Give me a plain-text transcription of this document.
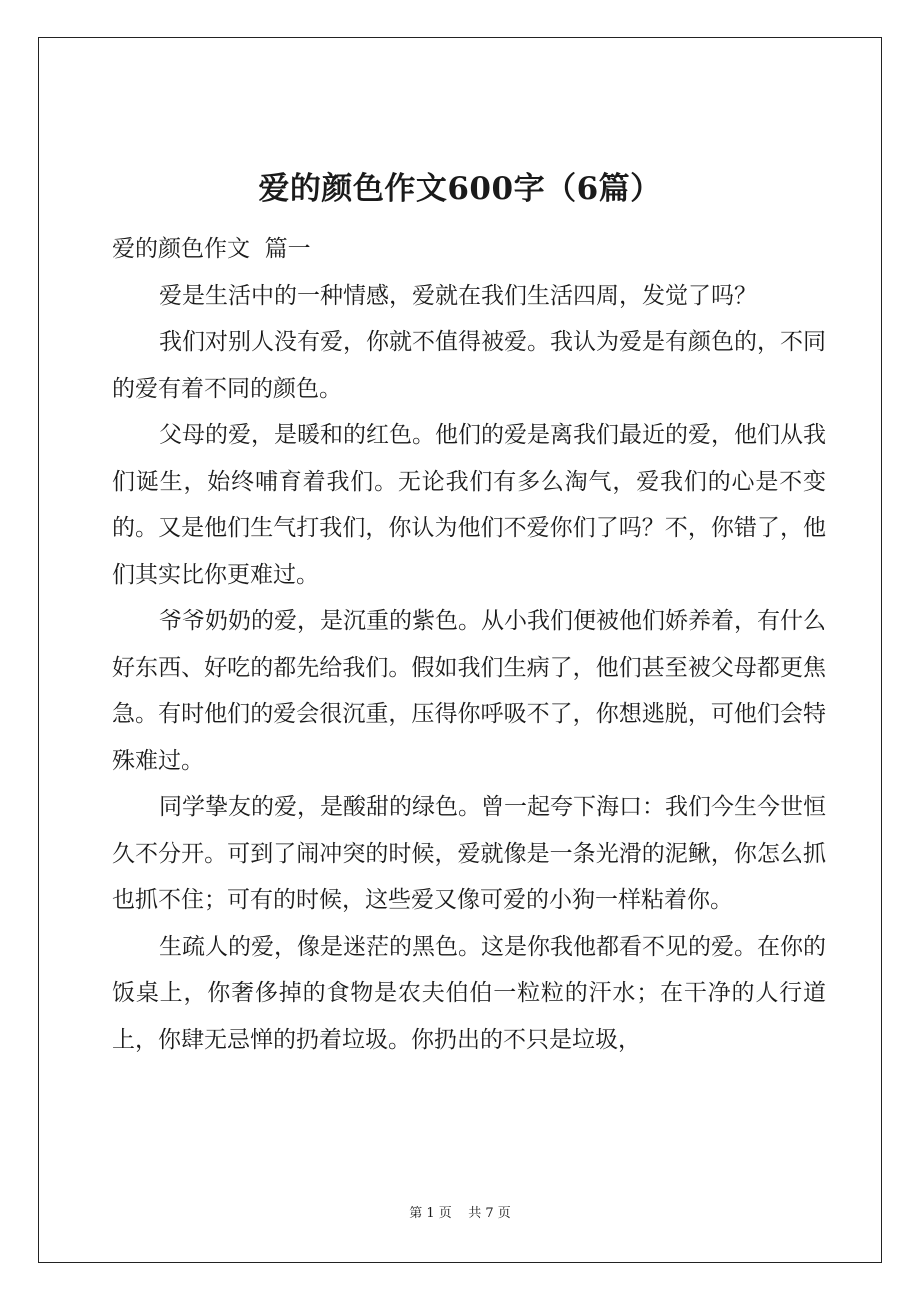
爱的颜色作文600字（6篇）

爱的颜色作文  篇一

爱是生活中的一种情感，爱就在我们生活四周，发觉了吗？

我们对别人没有爱，你就不值得被爱。我认为爱是有颜色的，不同的爱有着不同的颜色。

父母的爱，是暖和的红色。他们的爱是离我们最近的爱，他们从我们诞生，始终哺育着我们。无论我们有多么淘气，爱我们的心是不变的。又是他们生气打我们，你认为他们不爱你们了吗？不，你错了，他们其实比你更难过。

爷爷奶奶的爱，是沉重的紫色。从小我们便被他们娇养着，有什么好东西、好吃的都先给我们。假如我们生病了，他们甚至被父母都更焦急。有时他们的爱会很沉重，压得你呼吸不了，你想逃脱，可他们会特殊难过。

同学挚友的爱，是酸甜的绿色。曾一起夸下海口：我们今生今世恒久不分开。可到了闹冲突的时候，爱就像是一条光滑的泥鳅，你怎么抓也抓不住；可有的时候，这些爱又像可爱的小狗一样粘着你。

生疏人的爱，像是迷茫的黑色。这是你我他都看不见的爱。在你的饭桌上，你奢侈掉的食物是农夫伯伯一粒粒的汗水；在干净的人行道上，你肆无忌惮的扔着垃圾。你扔出的不只是垃圾，

第 1 页    共 7 页
